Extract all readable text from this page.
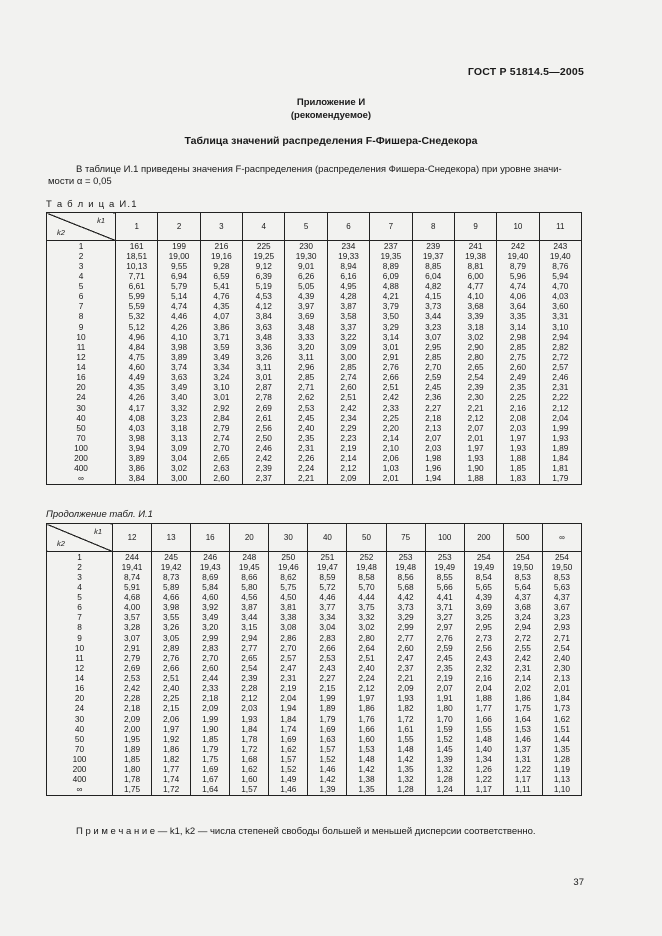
ГОСТ Р 51814.5—2005
Приложение И
(рекомендуемое)
Таблица значений распределения F-Фишера-Снедекора
В таблице И.1 приведены значения F-распределения (распределения Фишера-Снедекора) при уровне значи-
мости α = 0,05
Т а б л и ц а И.1
k1
k2	1	2	3	4	5	6	7	8	9	10	11
1	161	199	216	225	230	234	237	239	241	242	243
2	18,51	19,00	19,16	19,25	19,30	19,33	19,35	19,37	19,38	19,40	19,40
3	10,13	9,55	9,28	9,12	9,01	8,94	8,89	8,85	8,81	8,79	8,76
4	7,71	6,94	6,59	6,39	6,26	6,16	6,09	6,04	6,00	5,96	5,94
5	6,61	5,79	5,41	5,19	5,05	4,95	4,88	4,82	4,77	4,74	4,70
6	5,99	5,14	4,76	4,53	4,39	4,28	4,21	4,15	4,10	4,06	4,03
7	5,59	4,74	4,35	4,12	3,97	3,87	3,79	3,73	3,68	3,64	3,60
8	5,32	4,46	4,07	3,84	3,69	3,58	3,50	3,44	3,39	3,35	3,31
9	5,12	4,26	3,86	3,63	3,48	3,37	3,29	3,23	3,18	3,14	3,10
10	4,96	4,10	3,71	3,48	3,33	3,22	3,14	3,07	3,02	2,98	2,94
11	4,84	3,98	3,59	3,36	3,20	3,09	3,01	2,95	2,90	2,85	2,82
12	4,75	3,89	3,49	3,26	3,11	3,00	2,91	2,85	2,80	2,75	2,72
14	4,60	3,74	3,34	3,11	2,96	2,85	2,76	2,70	2,65	2,60	2,57
16	4,49	3,63	3,24	3,01	2,85	2,74	2,66	2,59	2,54	2,49	2,46
20	4,35	3,49	3,10	2,87	2,71	2,60	2,51	2,45	2,39	2,35	2,31
24	4,26	3,40	3,01	2,78	2,62	2,51	2,42	2,36	2,30	2,25	2,22
30	4,17	3,32	2,92	2,69	2,53	2,42	2,33	2,27	2,21	2,16	2,12
40	4,08	3,23	2,84	2,61	2,45	2,34	2,25	2,18	2,12	2,08	2,04
50	4,03	3,18	2,79	2,56	2,40	2,29	2,20	2,13	2,07	2,03	1,99
70	3,98	3,13	2,74	2,50	2,35	2,23	2,14	2,07	2,01	1,97	1,93
100	3,94	3,09	2,70	2,46	2,31	2,19	2,10	2,03	1,97	1,93	1,89
200	3,89	3,04	2,65	2,42	2,26	2,14	2,06	1,98	1,93	1,88	1,84
400	3,86	3,02	2,63	2,39	2,24	2,12	1,03	1,96	1,90	1,85	1,81
∞	3,84	3,00	2,60	2,37	2,21	2,09	2,01	1,94	1,88	1,83	1,79
Продолжение табл. И.1
k1
k2	12	13	16	20	30	40	50	75	100	200	500	∞
1	244	245	246	248	250	251	252	253	253	254	254	254
2	19,41	19,42	19,43	19,45	19,46	19,47	19,48	19,48	19,49	19,49	19,50	19,50
3	8,74	8,73	8,69	8,66	8,62	8,59	8,58	8,56	8,55	8,54	8,53	8,53
4	5,91	5,89	5,84	5,80	5,75	5,72	5,70	5,68	5,66	5,65	5,64	5,63
5	4,68	4,66	4,60	4,56	4,50	4,46	4,44	4,42	4,41	4,39	4,37	4,37
6	4,00	3,98	3,92	3,87	3,81	3,77	3,75	3,73	3,71	3,69	3,68	3,67
7	3,57	3,55	3,49	3,44	3,38	3,34	3,32	3,29	3,27	3,25	3,24	3,23
8	3,28	3,26	3,20	3,15	3,08	3,04	3,02	2,99	2,97	2,95	2,94	2,93
9	3,07	3,05	2,99	2,94	2,86	2,83	2,80	2,77	2,76	2,73	2,72	2,71
10	2,91	2,89	2,83	2,77	2,70	2,66	2,64	2,60	2,59	2,56	2,55	2,54
11	2,79	2,76	2,70	2,65	2,57	2,53	2,51	2,47	2,45	2,43	2,42	2,40
12	2,69	2,66	2,60	2,54	2,47	2,43	2,40	2,37	2,35	2,32	2,31	2,30
14	2,53	2,51	2,44	2,39	2,31	2,27	2,24	2,21	2,19	2,16	2,14	2,13
16	2,42	2,40	2,33	2,28	2,19	2,15	2,12	2,09	2,07	2,04	2,02	2,01
20	2,28	2,25	2,18	2,12	2,04	1,99	1,97	1,93	1,91	1,88	1,86	1,84
24	2,18	2,15	2,09	2,03	1,94	1,89	1,86	1,82	1,80	1,77	1,75	1,73
30	2,09	2,06	1,99	1,93	1,84	1,79	1,76	1,72	1,70	1,66	1,64	1,62
40	2,00	1,97	1,90	1,84	1,74	1,69	1,66	1,61	1,59	1,55	1,53	1,51
50	1,95	1,92	1,85	1,78	1,69	1,63	1,60	1,55	1,52	1,48	1,46	1,44
70	1,89	1,86	1,79	1,72	1,62	1,57	1,53	1,48	1,45	1,40	1,37	1,35
100	1,85	1,82	1,75	1,68	1,57	1,52	1,48	1,42	1,39	1,34	1,31	1,28
200	1,80	1,77	1,69	1,62	1,52	1,46	1,42	1,35	1,32	1,26	1,22	1,19
400	1,78	1,74	1,67	1,60	1,49	1,42	1,38	1,32	1,28	1,22	1,17	1,13
∞	1,75	1,72	1,64	1,57	1,46	1,39	1,35	1,28	1,24	1,17	1,11	1,10
П р и м е ч а н и е — k1, k2 — числа степеней свободы большей и меньшей дисперсии соответственно.
37
